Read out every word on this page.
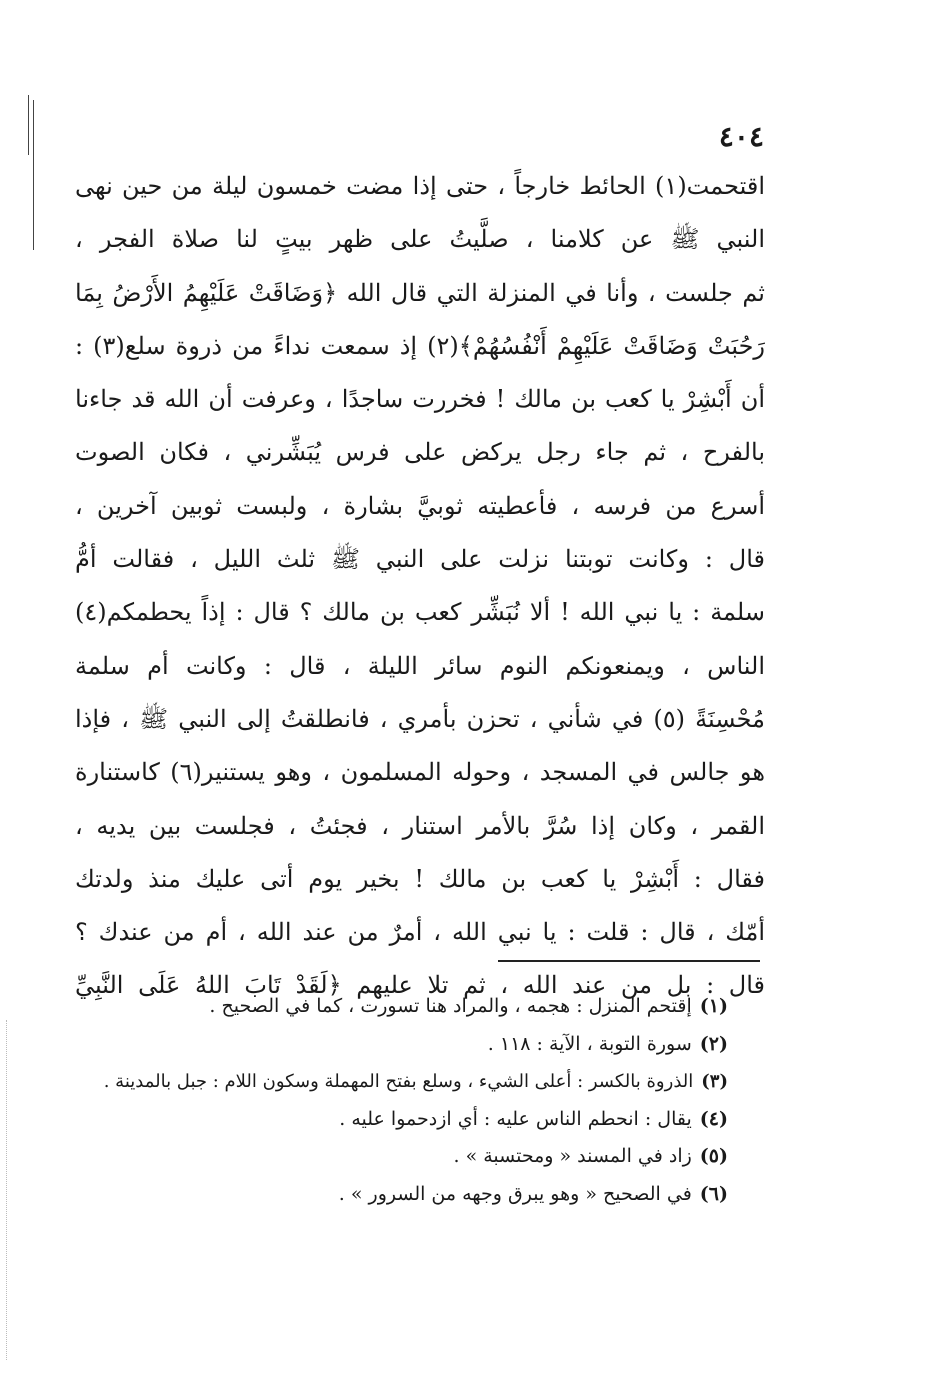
٤٠٤
اقتحمت(١) الحائط خارجاً ، حتى إذا مضت خمسون ليلة من حين نهى
النبي ﷺ عن كلامنا ، صلَّيتُ على ظهر بيتٍ لنا صلاة الفجر ،
ثم جلست ، وأنا في المنزلة التي قال الله ﴿وَضَاقَتْ عَلَيْهِمُ الأَرْضُ بِمَا
رَحُبَتْ وَضَاقَتْ عَلَيْهِمْ أَنْفُسُهُمْ﴾(٢) إذ سمعت نداءً من ذروة سلع(٣) :
أن أَبْشِرْ يا كعب بن مالك ! فخررت ساجدًا ، وعرفت أن الله قد جاءنا
بالفرح ، ثم جاء رجل يركض على فرس يُبَشِّرني ، فكان الصوت
أسرع من فرسه ، فأعطيته ثوبيَّ بشارة ، ولبست ثوبين آخرين ،
قال : وكانت توبتنا نزلت على النبي ﷺ ثلث الليل ، فقالت أمُّ
سلمة : يا نبي الله ! ألا نُبَشِّر كعب بن مالك ؟ قال : إذاً يحطمكم(٤)
الناس ، ويمنعونكم النوم سائر الليلة ، قال : وكانت أم سلمة
مُحْسِنَةً (٥) في شأني ، تحزن بأمري ، فانطلقتُ إلى النبي ﷺ ، فإذا
هو جالس في المسجد ، وحوله المسلمون ، وهو يستنير(٦) كاستنارة
القمر ، وكان إذا سُرَّ بالأمر استنار ، فجئتُ ، فجلست بين يديه ،
فقال : أَبْشِرْ يا كعب بن مالك ! بخير يوم أتى عليك منذ ولدتك
أمّك ، قال : قلت : يا نبي الله ، أمرٌ من عند الله ، أم من عندك ؟
قال : بل من عند الله ، ثم تلا عليهم ﴿لَقَدْ تَابَ اللهُ عَلَى النَّبِيِّ
(١)إقتحم المنزل : هجمه ، والمراد هنا تسورت ، كما في الصحيح .
(٢)سورة التوبة ، الآية : ١١٨ .
(٣)الذروة بالكسر : أعلى الشيء ، وسلع بفتح المهملة وسكون اللام : جبل بالمدينة .
(٤)يقال : انحطم الناس عليه : أي ازدحموا عليه .
(٥)زاد في المسند « ومحتسبة » .
(٦)في الصحيح « وهو يبرق وجهه من السرور » .
